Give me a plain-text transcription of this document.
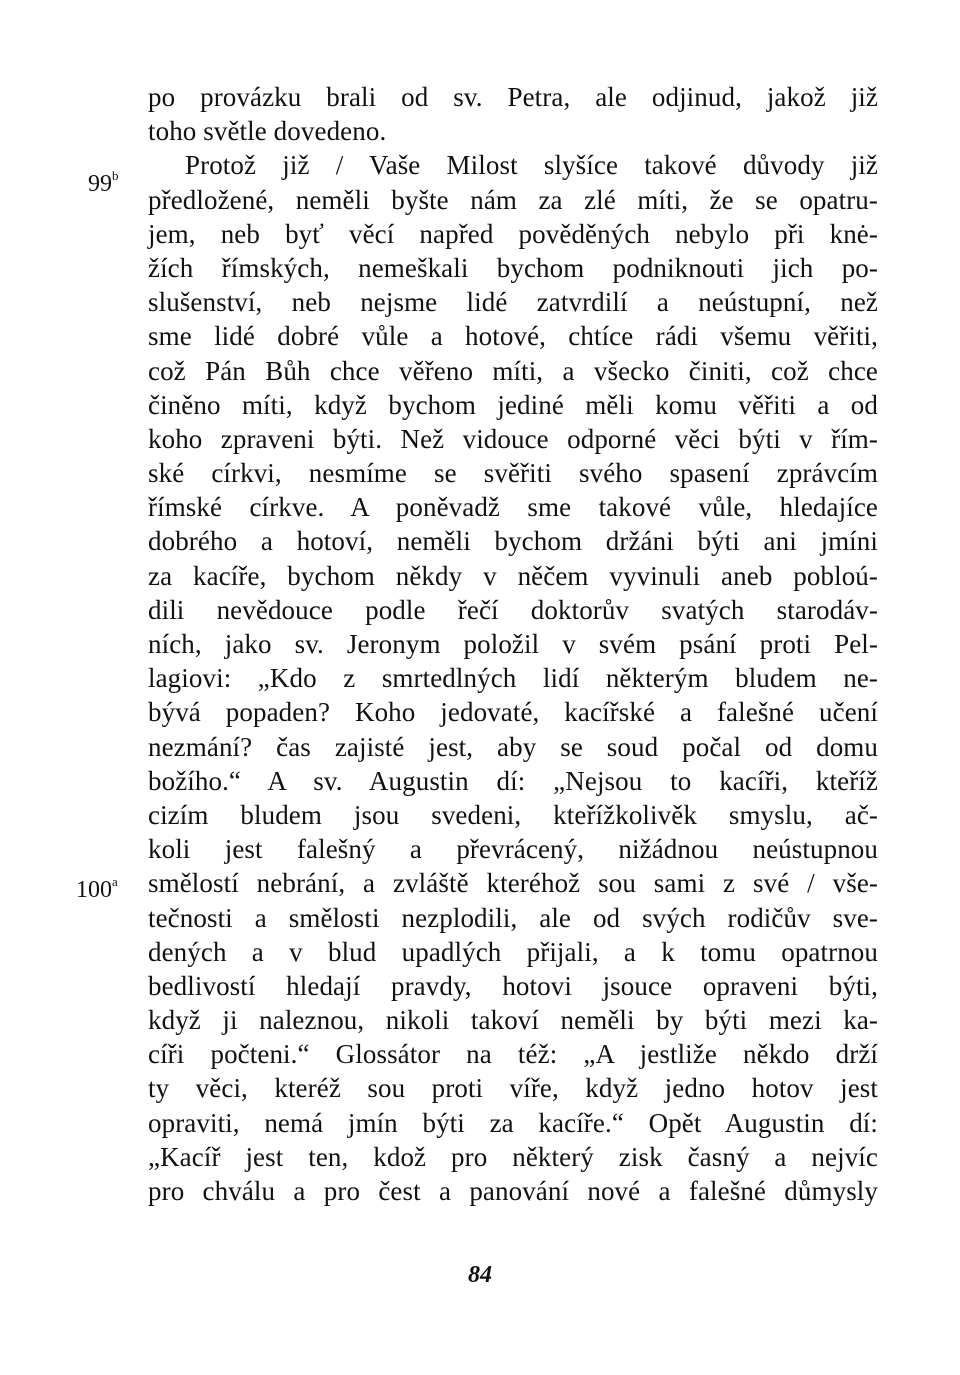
99$^b$
100$^a$
po provázku brali od sv. Petra, ale odjinud, jakož již
toho světle dovedeno.
Protož již / Vaše Milost slyšíce takové důvody již
předložené, neměli byšte nám za zlé míti, že se opatru-
jem, neb byť věcí napřed pověděných nebylo při knė-
žích římských, nemeškali bychom podniknouti jich po-
slušenství, neb nejsme lidé zatvrdilí a neústupní, než
sme lidé dobré vůle a hotové, chtíce rádi všemu věřiti,
což Pán Bůh chce věřeno míti, a všecko činiti, což chce
činěno míti, když bychom jediné měli komu věřiti a od
koho zpraveni býti. Než vidouce odporné věci býti v řím-
ské církvi, nesmíme se svěřiti svého spasení zprávcím
římské církve. A poněvadž sme takové vůle, hledajíce
dobrého a hotoví, neměli bychom držáni býti ani jmíni
za kacíře, bychom někdy v něčem vyvinuli aneb pobloú-
dili nevědouce podle řečí doktorův svatých starodáv-
ních, jako sv. Jeronym položil v svém psání proti Pel-
lagiovi: „Kdo z smrtedlných lidí některým bludem ne-
bývá popaden? Koho jedovaté, kacířské a falešné učení
nezmání? čas zajisté jest, aby se soud počal od domu
božího.“ A sv. Augustin dí: „Nejsou to kacíři, kteříž
cizím bludem jsou svedeni, kteřížkolivěk smyslu, ač-
koli jest falešný a převrácený, nižádnou neústupnou
smělostí nebrání, a zvláště kteréhož sou sami z své / vše-
tečnosti a smělosti nezplodili, ale od svých rodičův sve-
dených a v blud upadlých přijali, a k tomu opatrnou
bedlivostí hledají pravdy, hotovi jsouce opraveni býti,
když ji naleznou, nikoli takoví neměli by býti mezi ka-
cíři počteni.“ Glossátor na též: „A jestliže někdo drží
ty věci, kteréž sou proti víře, když jedno hotov jest
opraviti, nemá jmín býti za kacíře.“ Opět Augustin dí:
„Kacíř jest ten, kdož pro některý zisk časný a nejvíc
pro chválu a pro čest a panování nové a falešné důmysly
84
